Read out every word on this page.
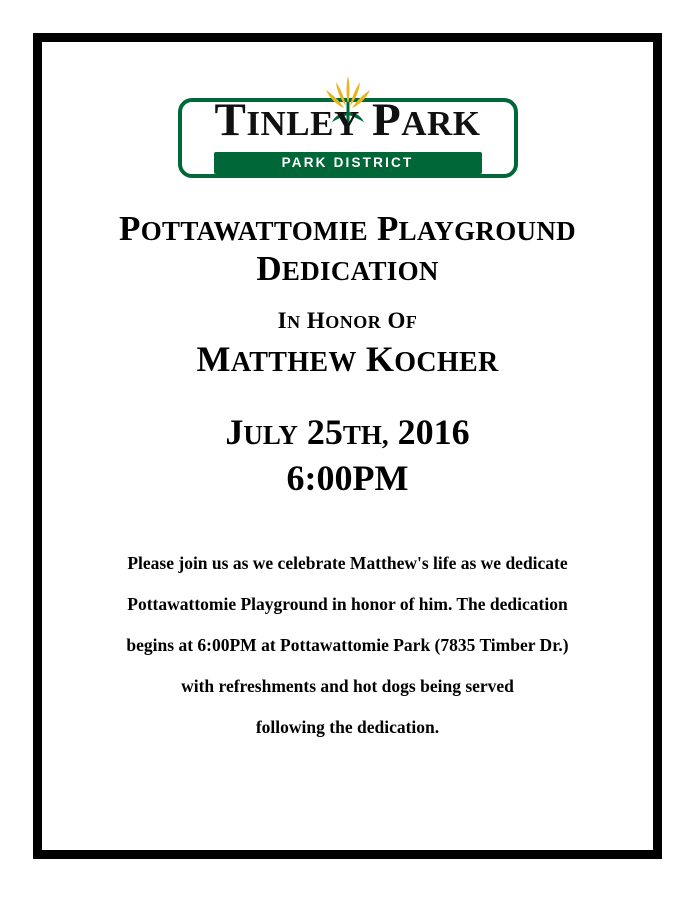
TINLEY PARK
PARK DISTRICT
POTTAWATTOMIE PLAYGROUND
DEDICATION
IN HONOR OF
MATTHEW KOCHER
JULY 25TH, 2016
6:00PM
Please join us as we celebrate Matthew's life as we dedicate
Pottawattomie Playground in honor of him. The dedication
begins at 6:00PM at Pottawattomie Park (7835 Timber Dr.)
with refreshments and hot dogs being served
following the dedication.
